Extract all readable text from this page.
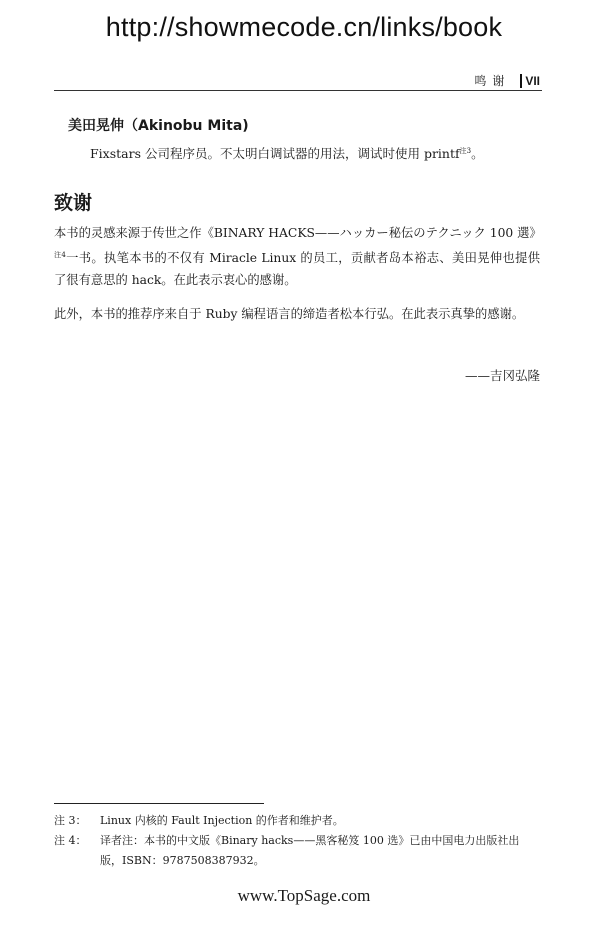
http://showmecode.cn/links/book
鸣谢	VII
美田晃伸（Akinobu Mita)
Fixstars 公司程序员。不太明白调试器的用法，调试时使用 printf$^{注3}$。
致谢
本书的灵感来源于传世之作《BINARY HACKS——ハッカー秘伝のテクニック 100 選》$^{注4}$一书。执笔本书的不仅有 Miracle Linux 的员工，贡献者岛本裕志、美田晃伸也提供了很有意思的 hack。在此表示衷心的感谢。
此外，本书的推荐序来自于 Ruby 编程语言的缔造者松本行弘。在此表示真挚的感谢。
——吉冈弘隆
注 3：	Linux 内核的 Fault Injection 的作者和维护者。
注 4：	译者注：本书的中文版《Binary hacks——黑客秘笈 100 选》已由中国电力出版社出版，ISBN：9787508387932。
www.TopSage.com
